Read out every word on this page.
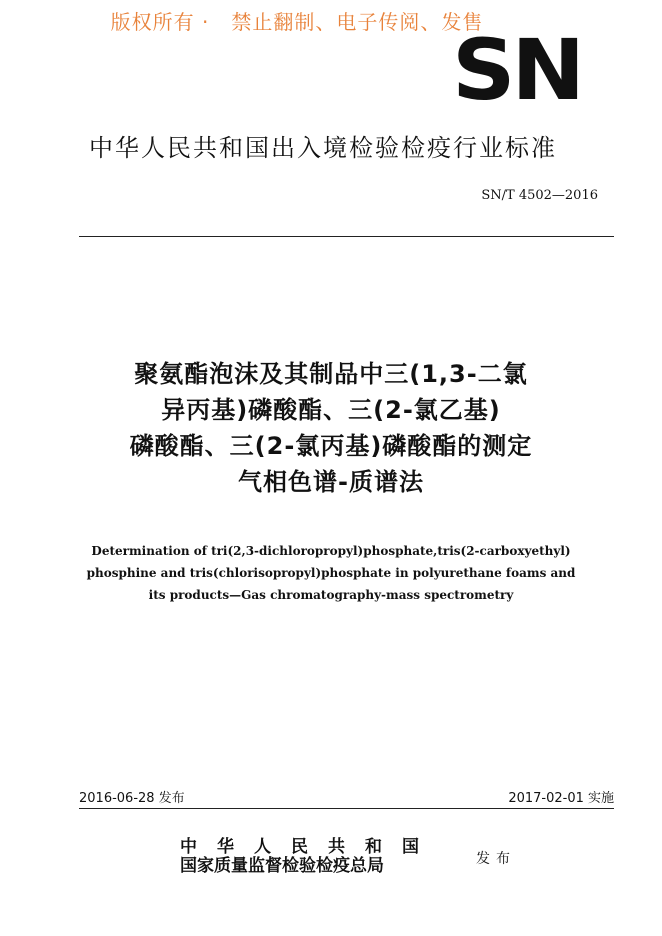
版权所有 ·   禁止翻制、电子传阅、发售
SN
中华人民共和国出入境检验检疫行业标准
SN/T 4502—2016
聚氨酯泡沫及其制品中三(1,3-二氯
异丙基)磷酸酯、三(2-氯乙基)
磷酸酯、三(2-氯丙基)磷酸酯的测定
气相色谱-质谱法
Determination of tri(2,3-dichloropropyl)phosphate,tris(2-carboxyethyl)
phosphine and tris(chlorisopropyl)phosphate in polyurethane foams and
its products—Gas chromatography-mass spectrometry
2016-06-28 发布	2017-02-01 实施
中华人民共和国
国家质量监督检验检疫总局	发布
